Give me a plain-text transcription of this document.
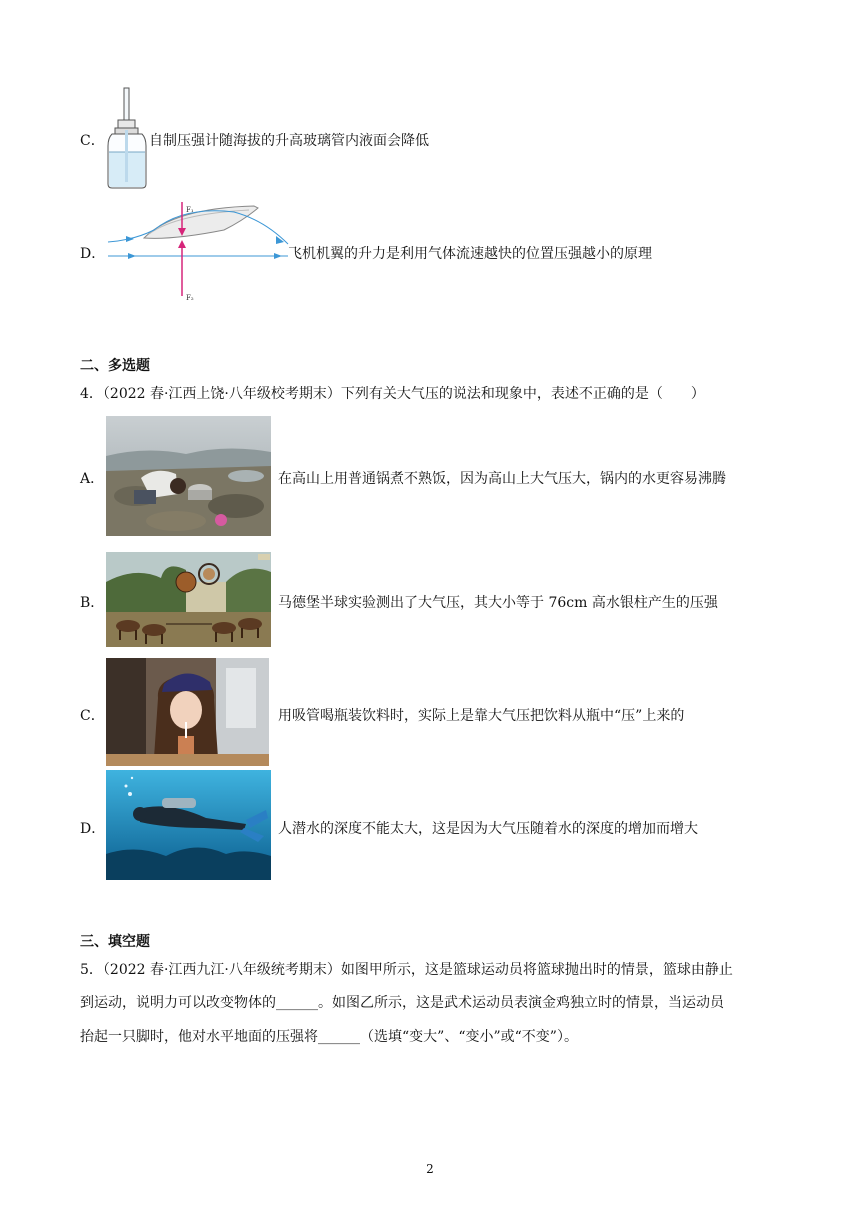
C．	自制压强计随海拔的升高玻璃管内液面会降低
D．
F₁
F₂
飞机机翼的升力是利用气体流速越快的位置压强越小的原理
二、多选题
4．（2022 春·江西上饶·八年级校考期末）下列有关大气压的说法和现象中，表述不正确的是（　　）
A．	在高山上用普通锅煮不熟饭，因为高山上大气压大，锅内的水更容易沸腾
B．	马德堡半球实验测出了大气压，其大小等于 76cm 高水银柱产生的压强
C．	用吸管喝瓶装饮料时，实际上是靠大气压把饮料从瓶中“压”上来的
D．	人潜水的深度不能太大，这是因为大气压随着水的深度的增加而增大
三、填空题
5．（2022 春·江西九江·八年级统考期末）如图甲所示，这是篮球运动员将篮球抛出时的情景，篮球由静止
到运动，说明力可以改变物体的______。如图乙所示，这是武术运动员表演金鸡独立时的情景，当运动员
抬起一只脚时，他对水平地面的压强将______（选填“变大”、“变小”或“不变”）。
2
